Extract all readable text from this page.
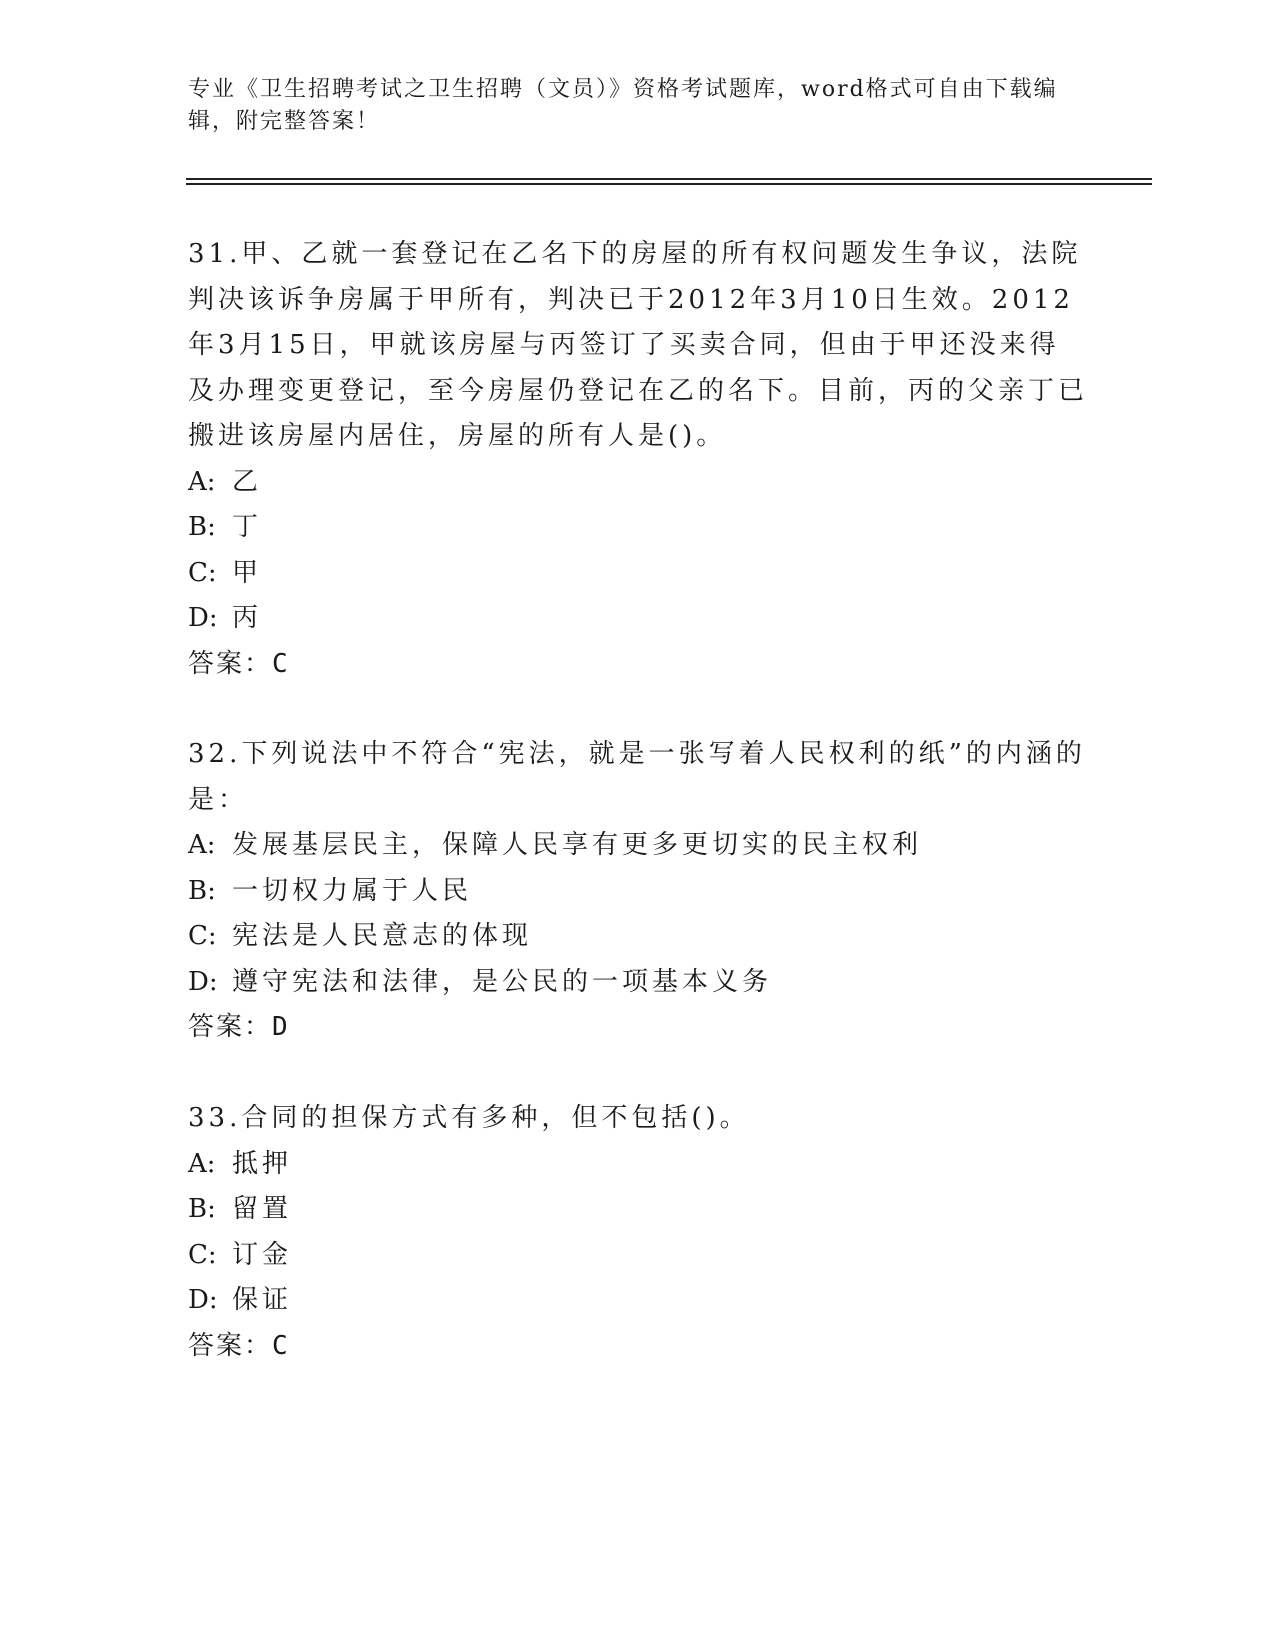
专业《卫生招聘考试之卫生招聘（文员）》资格考试题库，word格式可自由下载编辑，附完整答案！

31.甲、乙就一套登记在乙名下的房屋的所有权问题发生争议，法院判决该诉争房属于甲所有，判决已于2012年3月10日生效。2012年3月15日，甲就该房屋与丙签订了买卖合同，但由于甲还没来得及办理变更登记，至今房屋仍登记在乙的名下。目前，丙的父亲丁已搬进该房屋内居住，房屋的所有人是()。

A: 乙

B: 丁

C: 甲

D: 丙

答案：C

32.下列说法中不符合“宪法，就是一张写着人民权利的纸”的内涵的是：

A: 发展基层民主，保障人民享有更多更切实的民主权利

B: 一切权力属于人民

C: 宪法是人民意志的体现

D: 遵守宪法和法律，是公民的一项基本义务

答案：D

33.合同的担保方式有多种，但不包括()。

A: 抵押

B: 留置

C: 订金

D: 保证

答案：C
